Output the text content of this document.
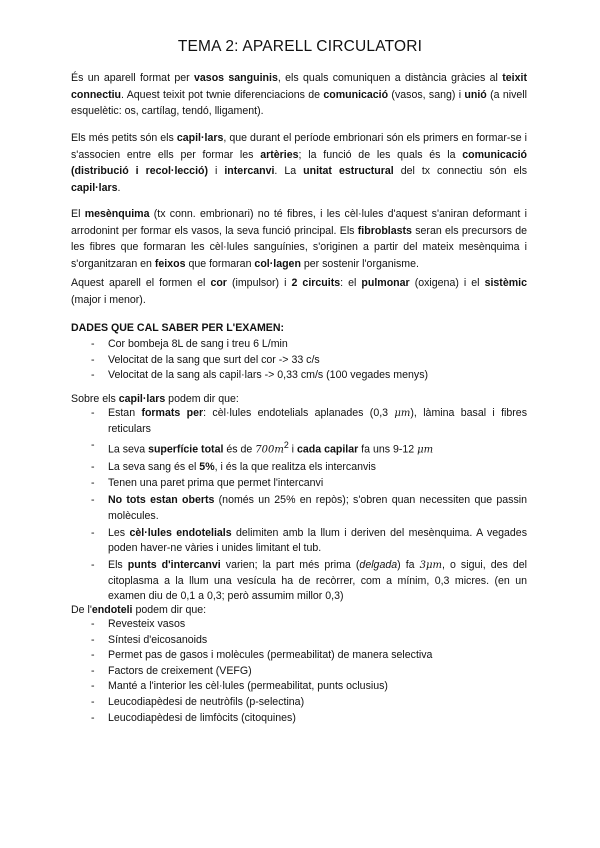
TEMA 2: APARELL CIRCULATORI

És un aparell format per vasos sanguinis, els quals comuniquen a distància gràcies al teixit connectiu. Aquest teixit pot twnie diferenciacions de comunicació (vasos, sang) i unió (a nivell esquelètic: os, cartílag, tendó, lligament).

Els més petits són els capil·lars, que durant el període embrionari són els primers en formar-se i s'associen entre ells per formar les artèries; la funció de les quals és la comunicació (distribució i recol·lecció) i intercanvi. La unitat estructural del tx connectiu són els capil·lars.

El mesènquima (tx conn. embrionari) no té fibres, i les cèl·lules d'aquest s'aniran deformant i arrodonint per formar els vasos, la seva funció principal. Els fibroblasts seran els precursors de les fibres que formaran les cèl·lules sanguínies, s'originen a partir del mateix mesènquima i s'organitzaran en feixos que formaran col·lagen per sostenir l'organisme.

Aquest aparell el formen el cor (impulsor) i 2 circuits: el pulmonar (oxigena) i el sistèmic (major i menor).

DADES QUE CAL SABER PER L'EXAMEN:
- Cor bombeja 8L de sang i treu 6 L/min
- Velocitat de la sang que surt del cor -> 33 c/s
- Velocitat de la sang als capil·lars -> 0,33 cm/s (100 vegades menys)

Sobre els capil·lars podem dir que:

- Estan formats per: cèl·lules endotelials aplanades (0,3 μm), làmina basal i fibres reticulars
- La seva superfície total és de $700m^2$ i cada capilar fa uns 9-12 μm
- La seva sang és el 5%, i és la que realitza els intercanvis
- Tenen una paret prima que permet l'intercanvi
- No tots estan oberts (només un 25% en repòs); s'obren quan necessiten que passin molècules.
- Les cèl·lules endotelials delimiten amb la llum i deriven del mesènquima. A vegades poden haver-ne vàries i unides limitant el tub.
- Els punts d'intercanvi varien; la part més prima (delgada) fa 3μm, o sigui, des del citoplasma a la llum una vesícula ha de recòrrer, com a mínim, 0,3 micres. (en un examen diu de 0,1 a 0,3; però assumim millor 0,3)

De l'endoteli podem dir que:

- Revesteix vasos
- Síntesi d'eicosanoids
- Permet pas de gasos i molècules (permeabilitat) de manera selectiva
- Factors de creixement (VEFG)
- Manté a l'interior les cèl·lules (permeabilitat, punts oclusius)
- Leucodiapèdesi de neutròfils (p-selectina)
- Leucodiapèdesi de limfòcits (citoquines)
